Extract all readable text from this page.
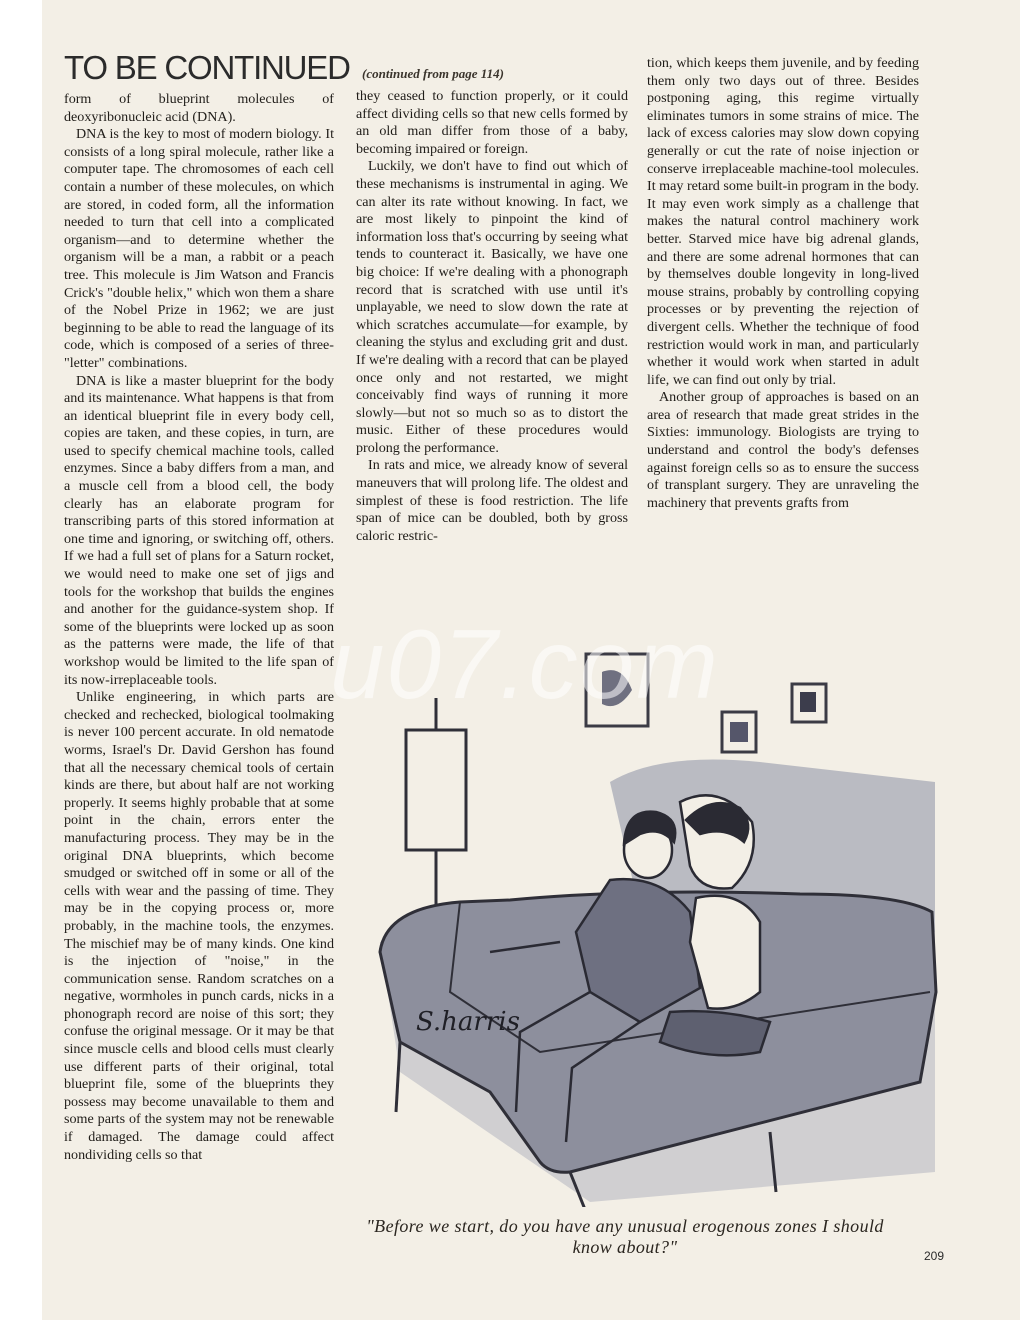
TO BE CONTINUED

form of blueprint molecules of deoxyribonucleic acid (DNA).

DNA is the key to most of modern biology. It consists of a long spiral molecule, rather like a computer tape. The chromosomes of each cell contain a number of these molecules, on which are stored, in coded form, all the information needed to turn that cell into a complicated organism—and to determine whether the organism will be a man, a rabbit or a peach tree. This molecule is Jim Watson and Francis Crick's "double helix," which won them a share of the Nobel Prize in 1962; we are just beginning to be able to read the language of its code, which is composed of a series of three-"letter" combinations.

DNA is like a master blueprint for the body and its maintenance. What happens is that from an identical blueprint file in every body cell, copies are taken, and these copies, in turn, are used to specify chemical machine tools, called enzymes. Since a baby differs from a man, and a muscle cell from a blood cell, the body clearly has an elaborate program for transcribing parts of this stored information at one time and ignoring, or switching off, others. If we had a full set of plans for a Saturn rocket, we would need to make one set of jigs and tools for the workshop that builds the engines and another for the guidance-system shop. If some of the blueprints were locked up as soon as the patterns were made, the life of that workshop would be limited to the life span of its now-irreplaceable tools.

Unlike engineering, in which parts are checked and rechecked, biological toolmaking is never 100 percent accurate. In old nematode worms, Israel's Dr. David Gershon has found that all the necessary chemical tools of certain kinds are there, but about half are not working properly. It seems highly probable that at some point in the chain, errors enter the manufacturing process. They may be in the original DNA blueprints, which become smudged or switched off in some or all of the cells with wear and the passing of time. They may be in the copying process or, more probably, in the machine tools, the enzymes. The mischief may be of many kinds. One kind is the injection of "noise," in the communication sense. Random scratches on a negative, wormholes in punch cards, nicks in a phonograph record are noise of this sort; they confuse the original message. Or it may be that since muscle cells and blood cells must clearly use different parts of their original, total blueprint file, some of the blueprints they possess may become unavailable to them and some parts of the system may not be renewable if damaged. The damage could affect nondividing cells so that

(continued from page 114)

they ceased to function properly, or it could affect dividing cells so that new cells formed by an old man differ from those of a baby, becoming impaired or foreign.

Luckily, we don't have to find out which of these mechanisms is instrumental in aging. We can alter its rate without knowing. In fact, we are most likely to pinpoint the kind of information loss that's occurring by seeing what tends to counteract it. Basically, we have one big choice: If we're dealing with a phonograph record that is scratched with use until it's unplayable, we need to slow down the rate at which scratches accumulate—for example, by cleaning the stylus and excluding grit and dust. If we're dealing with a record that can be played once only and not restarted, we might conceivably find ways of running it more slowly—but not so much so as to distort the music. Either of these procedures would prolong the performance.

In rats and mice, we already know of several maneuvers that will prolong life. The oldest and simplest of these is food restriction. The life span of mice can be doubled, both by gross caloric restric-

tion, which keeps them juvenile, and by feeding them only two days out of three. Besides postponing aging, this regime virtually eliminates tumors in some strains of mice. The lack of excess calories may slow down copying generally or cut the rate of noise injection or conserve irreplaceable machine-tool molecules. It may retard some built-in program in the body. It may even work simply as a challenge that makes the natural control machinery work better. Starved mice have big adrenal glands, and there are some adrenal hormones that can by themselves double longevity in long-lived mouse strains, probably by controlling copying processes or by preventing the rejection of divergent cells. Whether the technique of food restriction would work in man, and particularly whether it would work when started in adult life, we can find out only by trial.

Another group of approaches is based on an area of research that made great strides in the Sixties: immunology. Biologists are trying to understand and control the body's defenses against foreign cells so as to ensure the success of transplant surgery. They are unraveling the machinery that prevents grafts from

S.harris
u07.com
"Before we start, do you have any unusual erogenous zones I should know about?"	209
